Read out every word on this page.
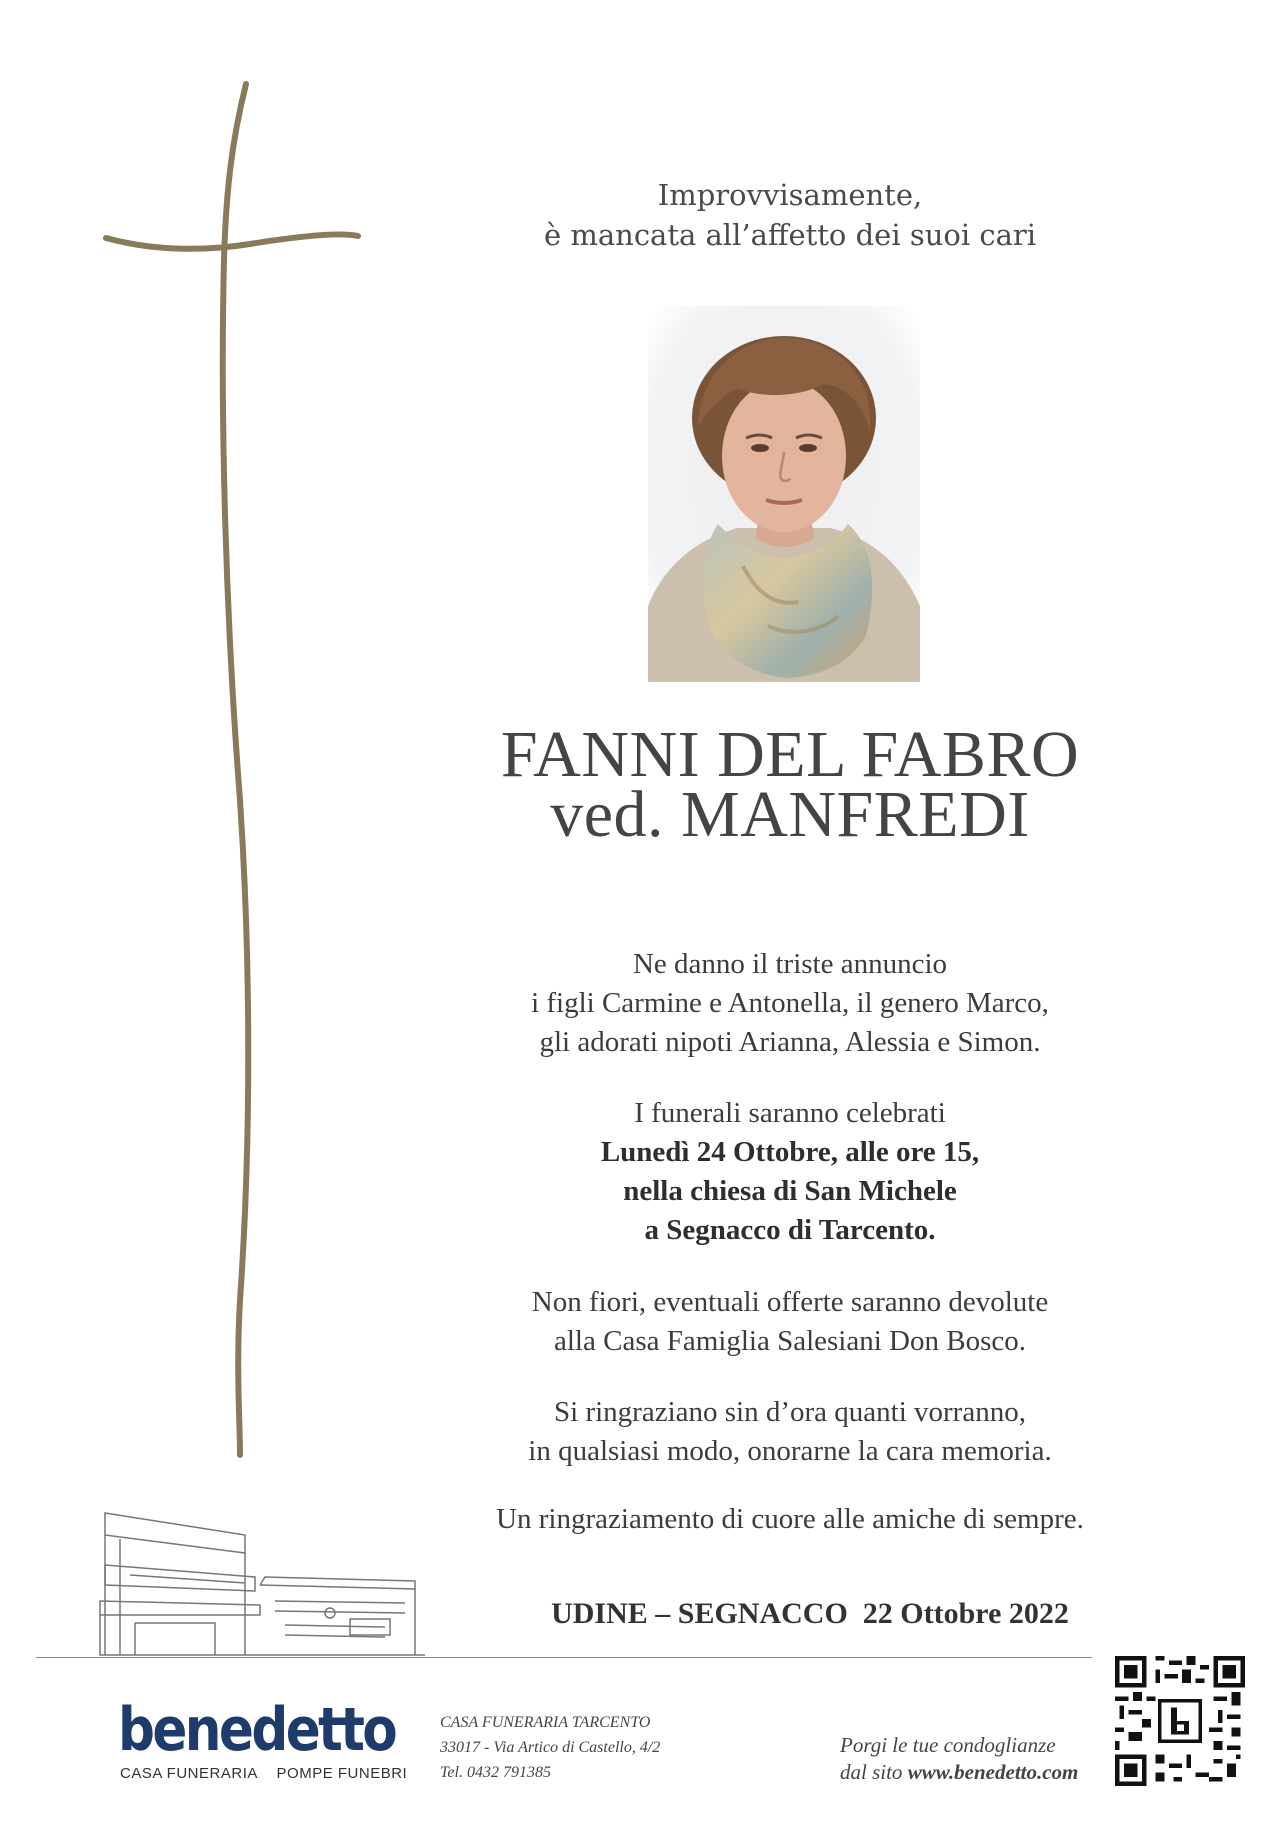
Improvvisamente,
è mancata all’affetto dei suoi cari
FANNI DEL FABRO
ved. MANFREDI
Ne danno il triste annuncio
i figli Carmine e Antonella, il genero Marco,
gli adorati nipoti Arianna, Alessia e Simon.
I funerali saranno celebrati
Lunedì 24 Ottobre, alle ore 15,
nella chiesa di San Michele
a Segnacco di Tarcento.
Non fiori, eventuali offerte saranno devolute
alla Casa Famiglia Salesiani Don Bosco.
Si ringraziano sin d’ora quanti vorranno,
in qualsiasi modo, onorarne la cara memoria.
Un ringraziamento di cuore alle amiche di sempre.
UDINE – SEGNACCO  22 Ottobre 2022
benedetto
CASA FUNERARIA POMPE FUNEBRI
CASA FUNERARIA TARCENTO
33017 - Via Artico di Castello, 4/2
Tel. 0432 791385
Porgi le tue condoglianze
dal sito www.benedetto.com
